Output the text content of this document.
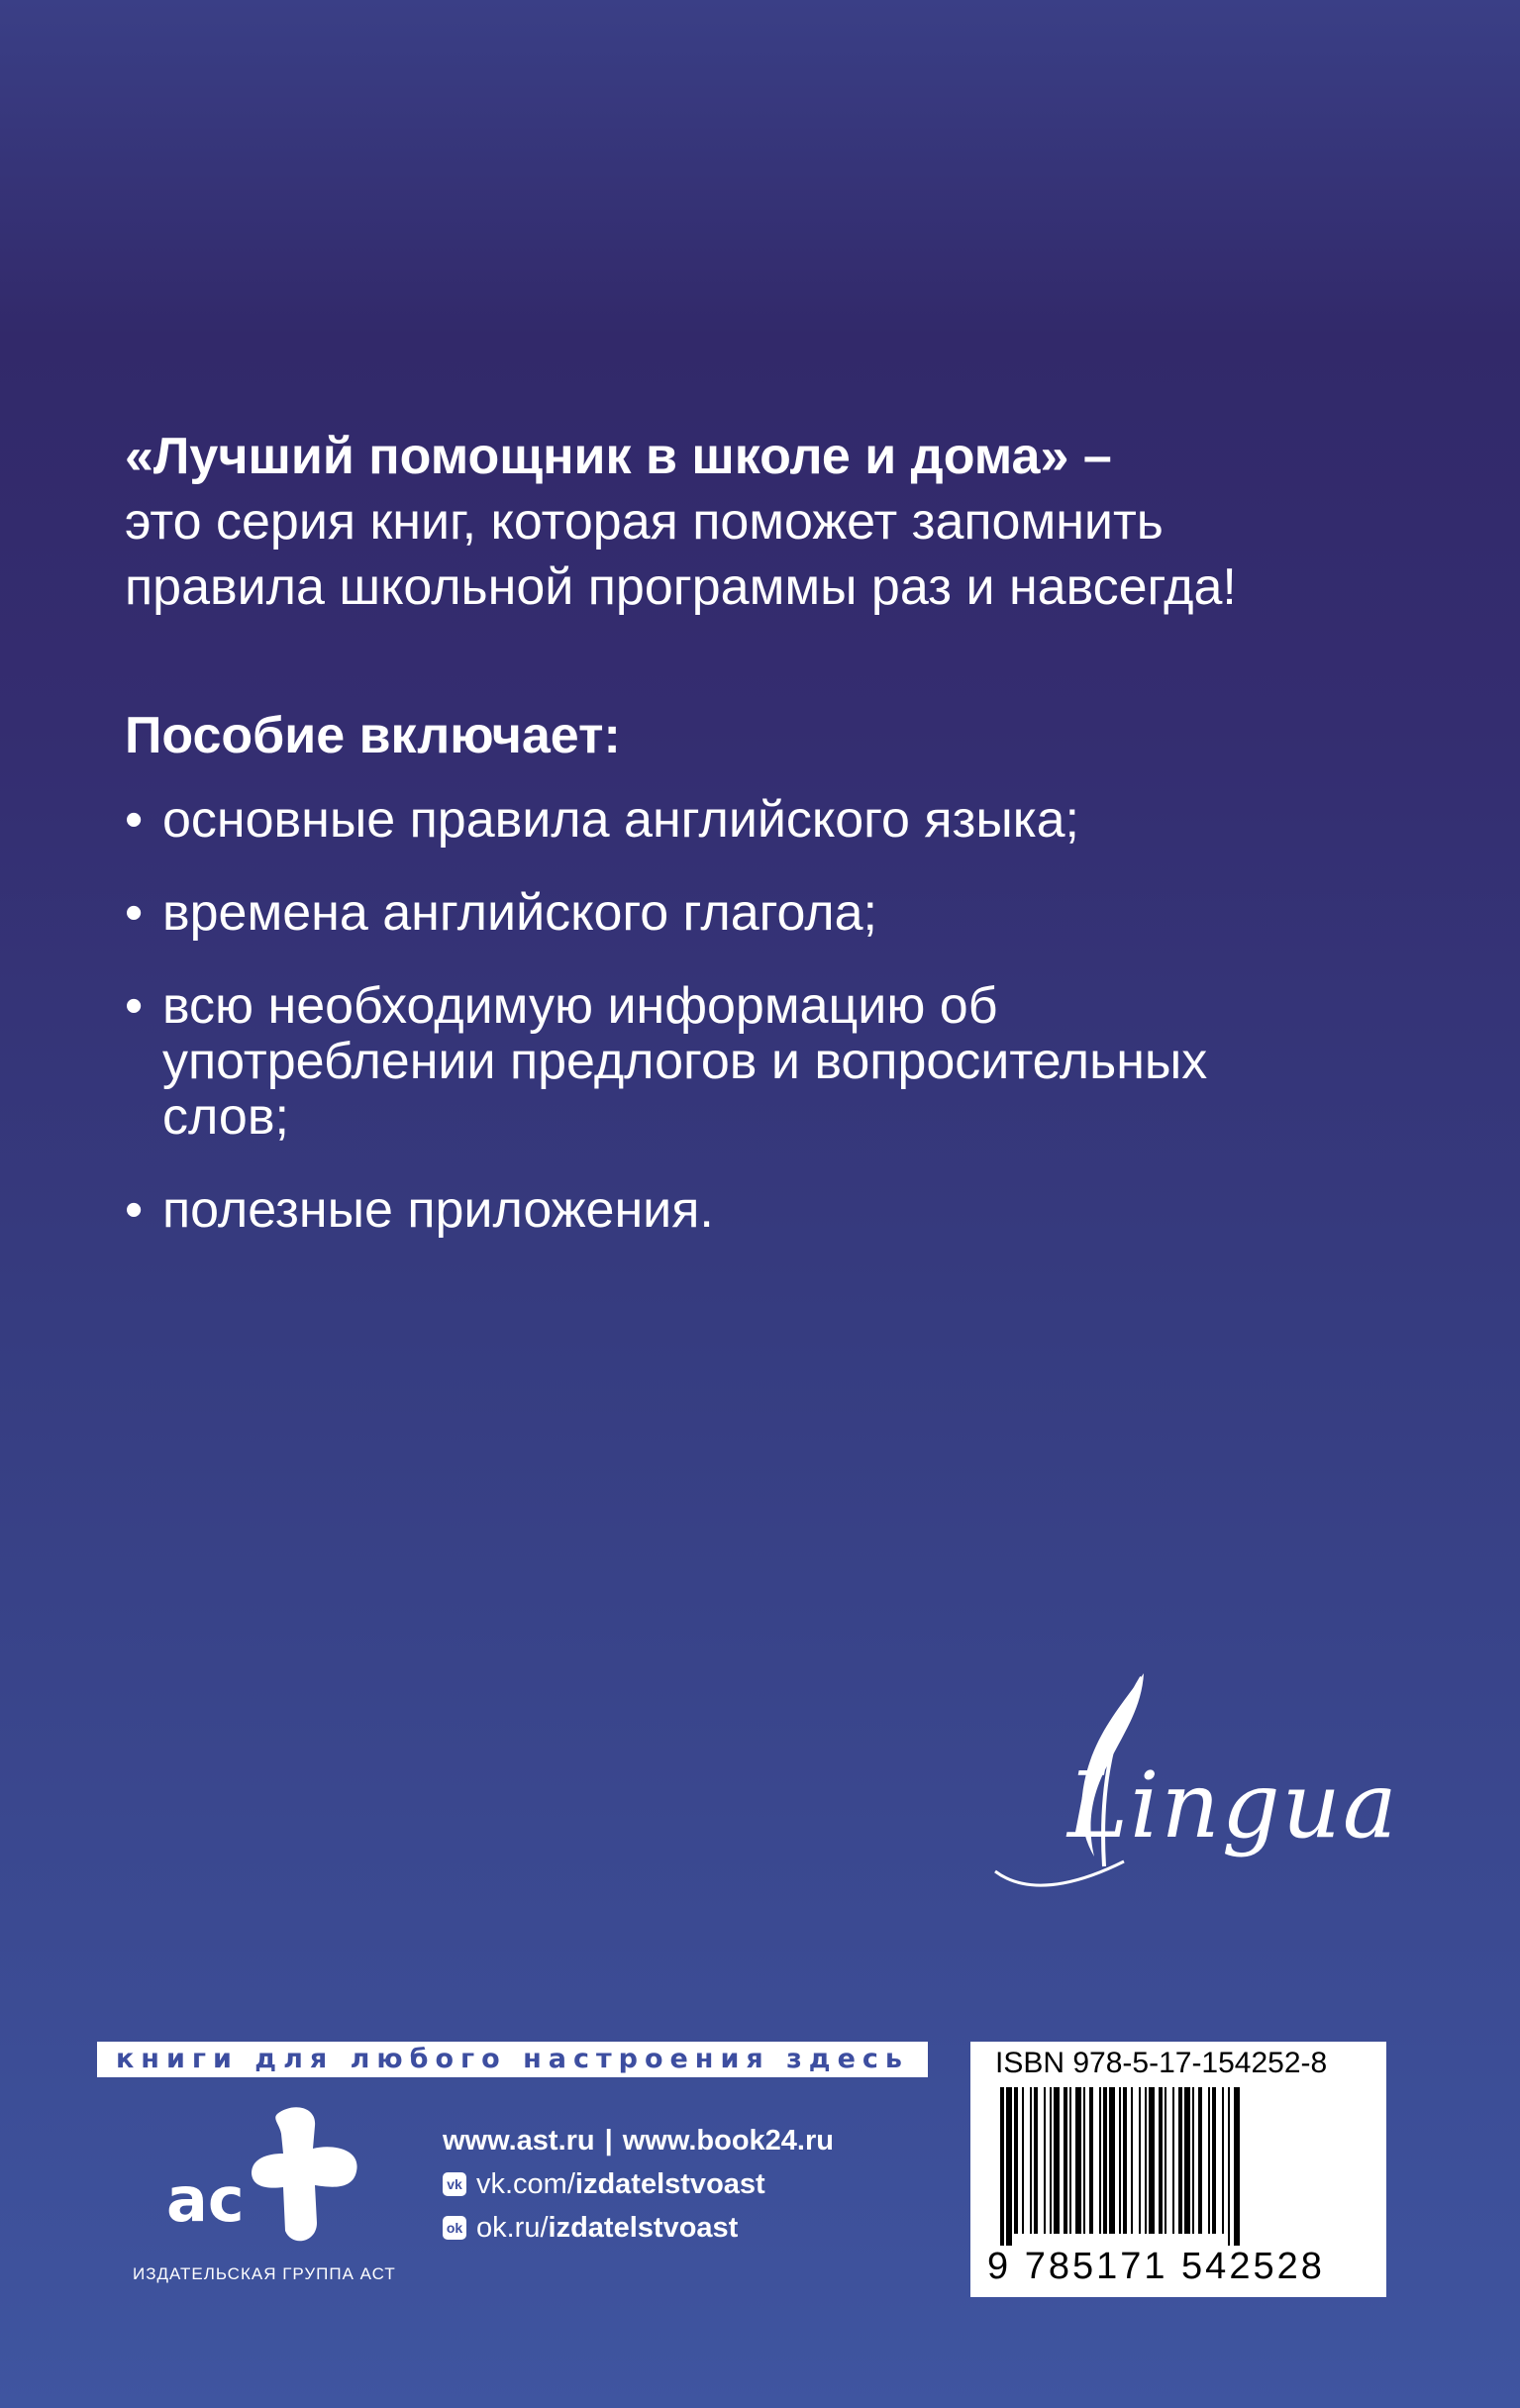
«Лучший помощник в школе и дома» –
это серия книг, которая поможет запомнить
правила школьной программы раз и навсегда!
Пособие включает:
• основные правила английского языка;
• времена английского глагола;
• всю необходимую информацию об употреблении предлогов и вопросительных слов;
• полезные приложения.
Lingua
книги для любого настроения здесь
ac
ИЗДАТЕЛЬСКАЯ ГРУППА АСТ
www.ast.ru | www.book24.ru
vk vk.com/ izdatelstvoast
ok ok.ru/ izdatelstvoast
ISBN 978-5-17-154252-8
9 785171 542528
